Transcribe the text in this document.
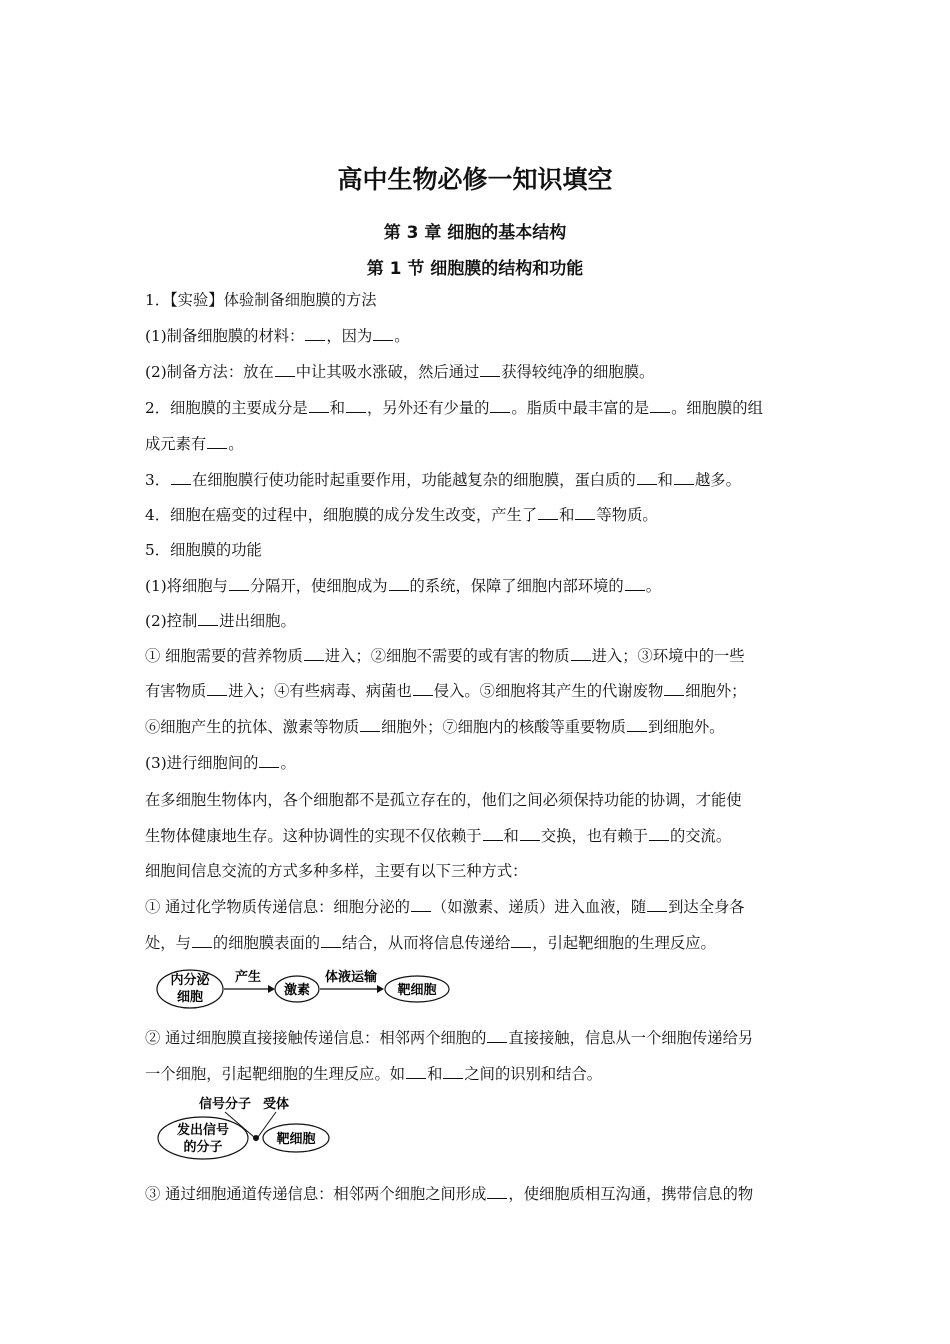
高中生物必修一知识填空
第 3 章 细胞的基本结构
第 1 节 细胞膜的结构和功能
1．【实验】体验制备细胞膜的方法
(1)制备细胞膜的材料： ，因为 。
(2)制备方法：放在 中让其吸水涨破，然后通过 获得较纯净的细胞膜。
2．细胞膜的主要成分是 和 ，另外还有少量的 。脂质中最丰富的是 。细胞膜的组
成元素有 。
3． 在细胞膜行使功能时起重要作用，功能越复杂的细胞膜，蛋白质的 和 越多。
4．细胞在癌变的过程中，细胞膜的成分发生改变，产生了 和 等物质。
5．细胞膜的功能
(1)将细胞与 分隔开，使细胞成为 的系统，保障了细胞内部环境的 。
(2)控制 进出细胞。
① 细胞需要的营养物质 进入；②细胞不需要的或有害的物质 进入；③环境中的一些
有害物质 进入；④有些病毒、病菌也 侵入。⑤细胞将其产生的代谢废物 细胞外；
⑥细胞产生的抗体、激素等物质 细胞外；⑦细胞内的核酸等重要物质 到细胞外。
(3)进行细胞间的 。
在多细胞生物体内，各个细胞都不是孤立存在的，他们之间必须保持功能的协调，才能使
生物体健康地生存。这种协调性的实现不仅依赖于 和 交换，也有赖于 的交流。
细胞间信息交流的方式多种多样，主要有以下三种方式：
① 通过化学物质传递信息：细胞分泌的 （如激素、递质）进入血液，随 到达全身各
处，与 的细胞膜表面的 结合，从而将信息传递给 ，引起靶细胞的生理反应。
② 通过细胞膜直接接触传递信息：相邻两个细胞的 直接接触，信息从一个细胞传递给另
一个细胞，引起靶细胞的生理反应。如 和 之间的识别和结合。
③ 通过细胞通道传递信息：相邻两个细胞之间形成 ，使细胞质相互沟通，携带信息的物
内分泌
细胞
产生
激素
体液运输
靶细胞
信号分子 受体
发出信号
的分子
靶细胞
